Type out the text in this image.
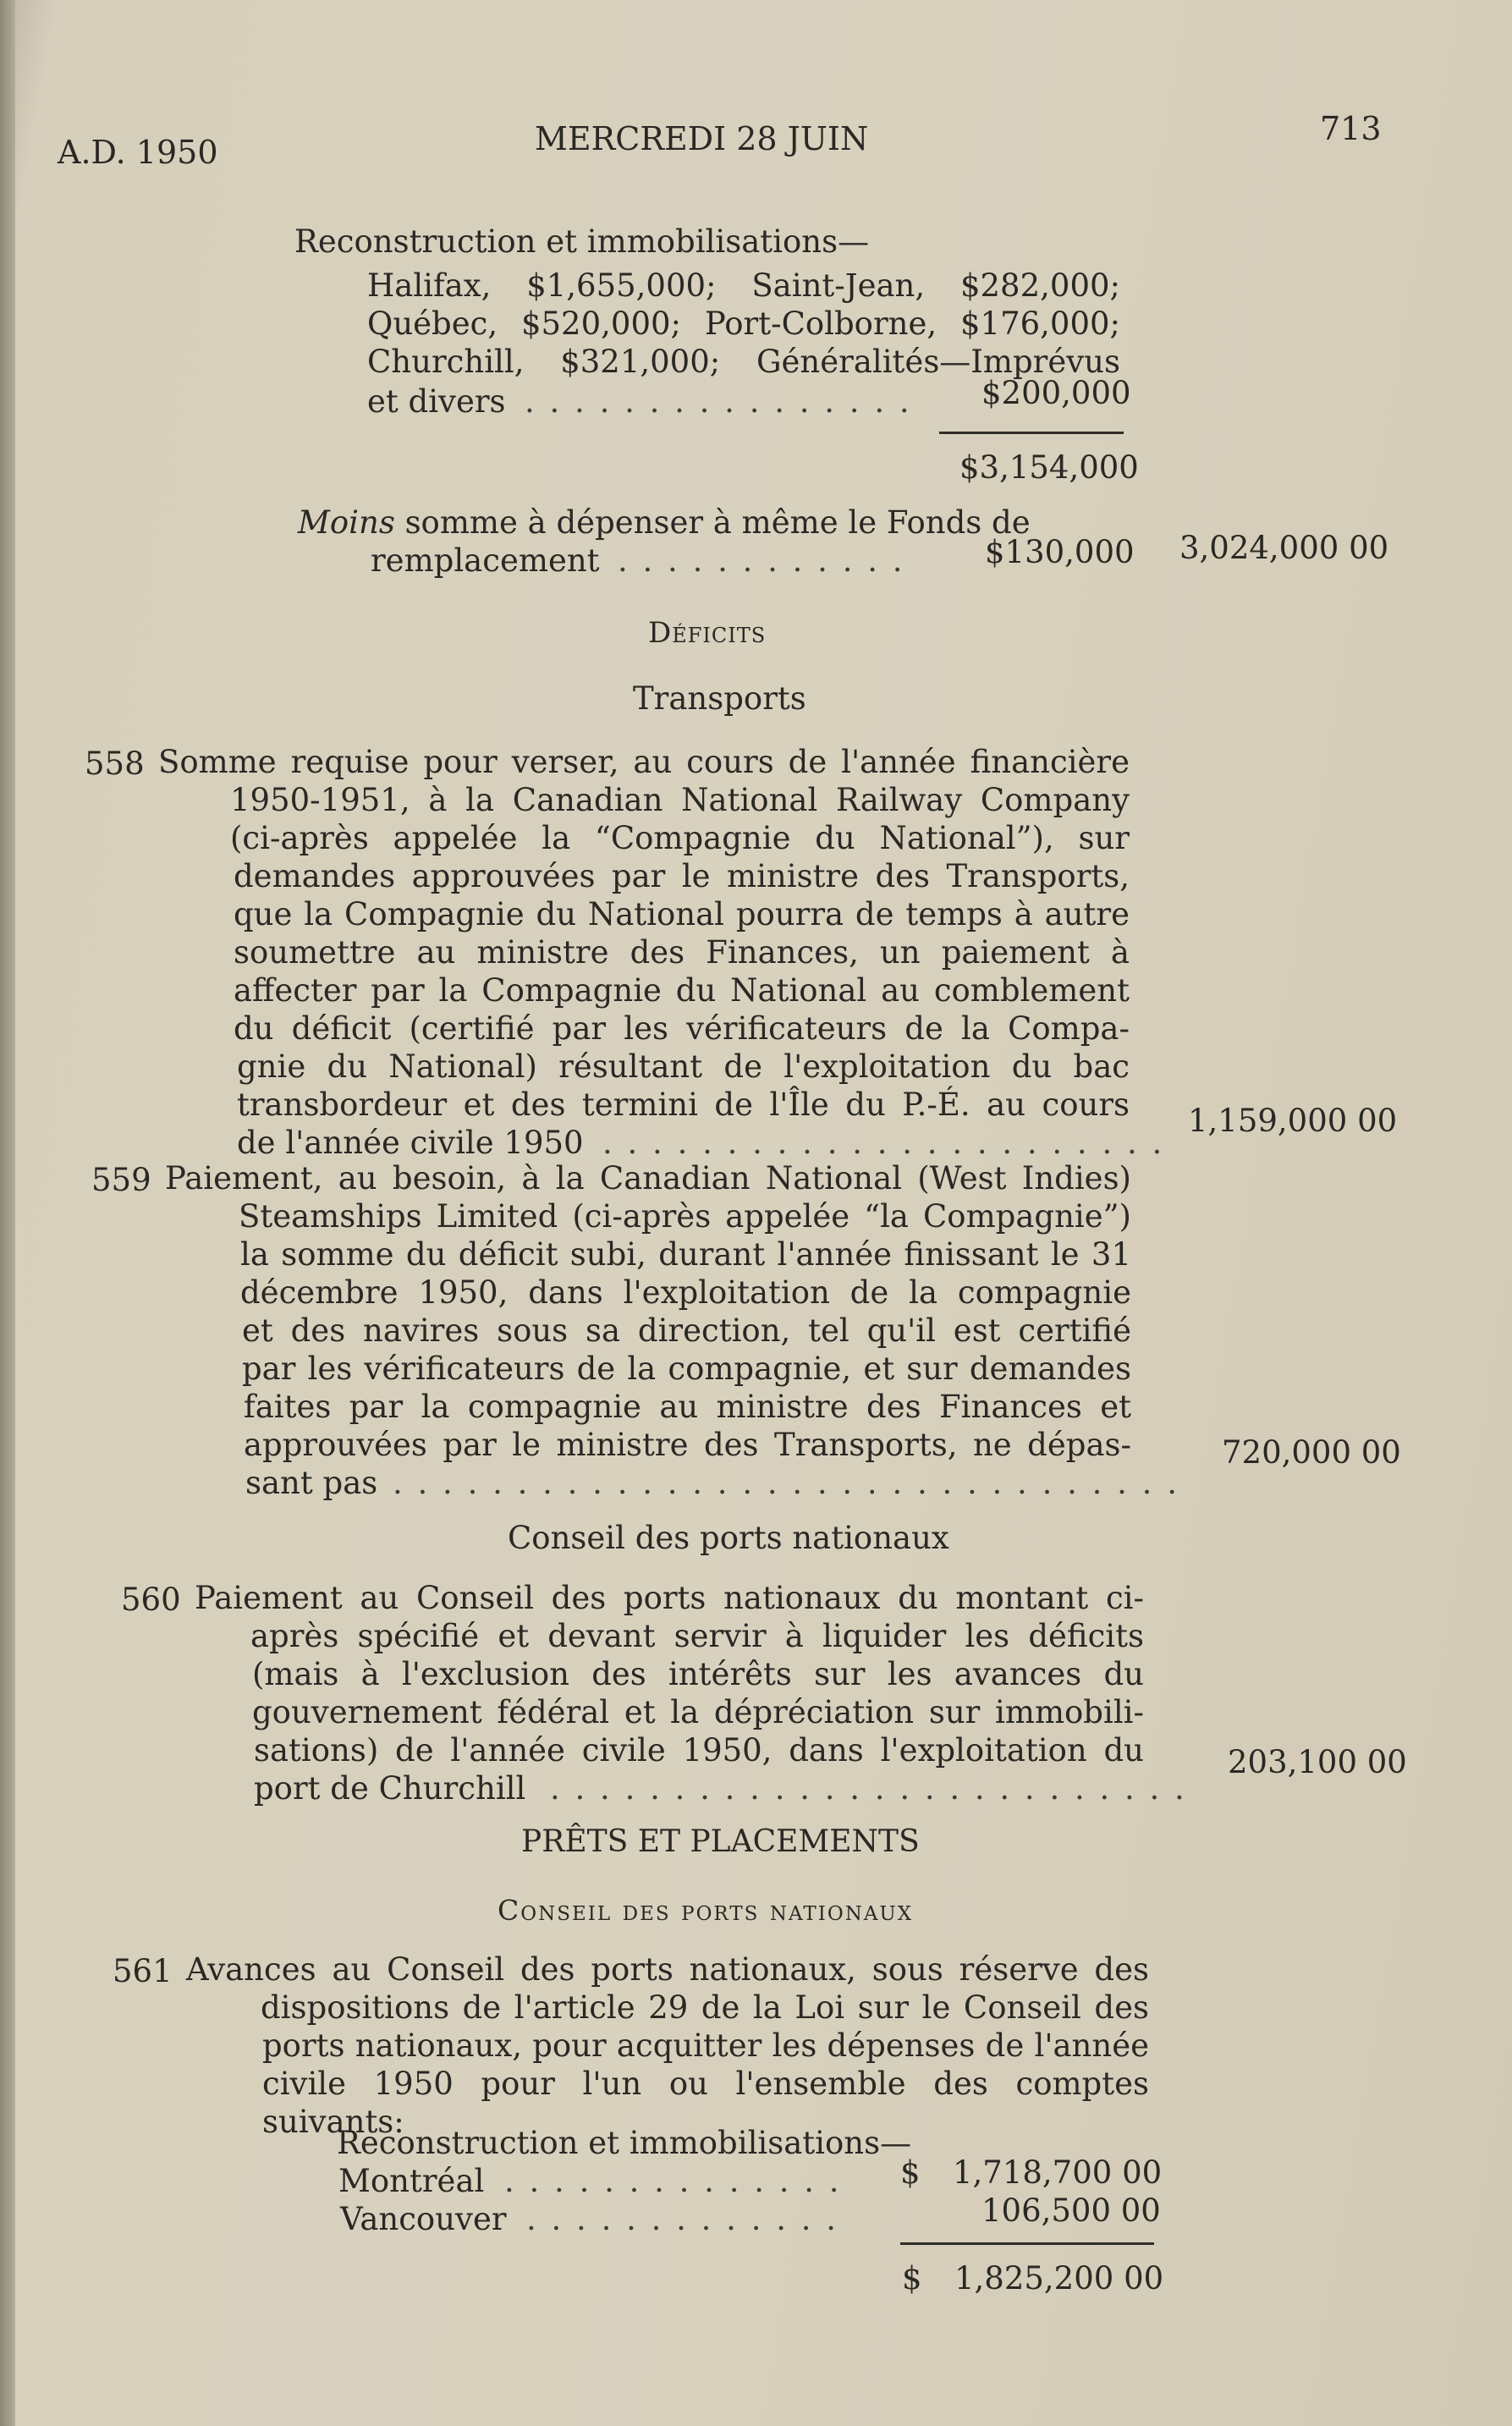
A.D. 1950	MERCREDI 28 JUIN	713
Reconstruction et immobilisations—
Halifax, $1,655,000; Saint-Jean, $282,000;
Québec, $520,000; Port-Colborne, $176,000;
Churchill, $321,000; Généralités—Imprévus
et divers . . . . . . . . . . . . . . . . $200,000
$3,154,000
Moins somme à dépenser à même le Fonds de
remplacement . . . . . . . . . . . .	$130,000 3,024,000 00
Déficits
Transports
558 Somme requise pour verser, au cours de l'année financière
1950-1951, à la Canadian National Railway Company
(ci-après appelée la “Compagnie du National”), sur
demandes approuvées par le ministre des Transports,
que la Compagnie du National pourra de temps à autre
soumettre au ministre des Finances, un paiement à
affecter par la Compagnie du National au comblement
du déficit (certifié par les vérificateurs de la Compa-
gnie du National) résultant de l'exploitation du bac
transbordeur et des termini de l'Île du P.-É. au cours
de l'année civile 1950 . . . . . . . . . . . . . . . . . . . . . . .
1,159,000 00
559 Paiement, au besoin, à la Canadian National (West Indies)
Steamships Limited (ci-après appelée “la Compagnie”)
la somme du déficit subi, durant l'année finissant le 31
décembre 1950, dans l'exploitation de la compagnie
et des navires sous sa direction, tel qu'il est certifié
par les vérificateurs de la compagnie, et sur demandes
faites par la compagnie au ministre des Finances et
approuvées par le ministre des Transports, ne dépas-
sant pas . . . . . . . . . . . . . . . . . . . . . . . . . . . . . . . .
720,000 00
Conseil des ports nationaux
560 Paiement au Conseil des ports nationaux du montant ci-
après spécifié et devant servir à liquider les déficits
(mais à l'exclusion des intérêts sur les avances du
gouvernement fédéral et la dépréciation sur immobili-
sations) de l'année civile 1950, dans l'exploitation du
port de Churchill . . . . . . . . . . . . . . . . . . . . . . . . . .
203,100 00
PRÊTS ET PLACEMENTS
Conseil des ports nationaux
561 Avances au Conseil des ports nationaux, sous réserve des
dispositions de l'article 29 de la Loi sur le Conseil des
ports nationaux, pour acquitter les dépenses de l'année
civile 1950 pour l'un ou l'ensemble des comptes
suivants:
Reconstruction et immobilisations—
Montréal . . . . . . . . . . . . . . $ 1,718,700 00
Vancouver . . . . . . . . . . . . .	106,500 00
$ 1,825,200 00
